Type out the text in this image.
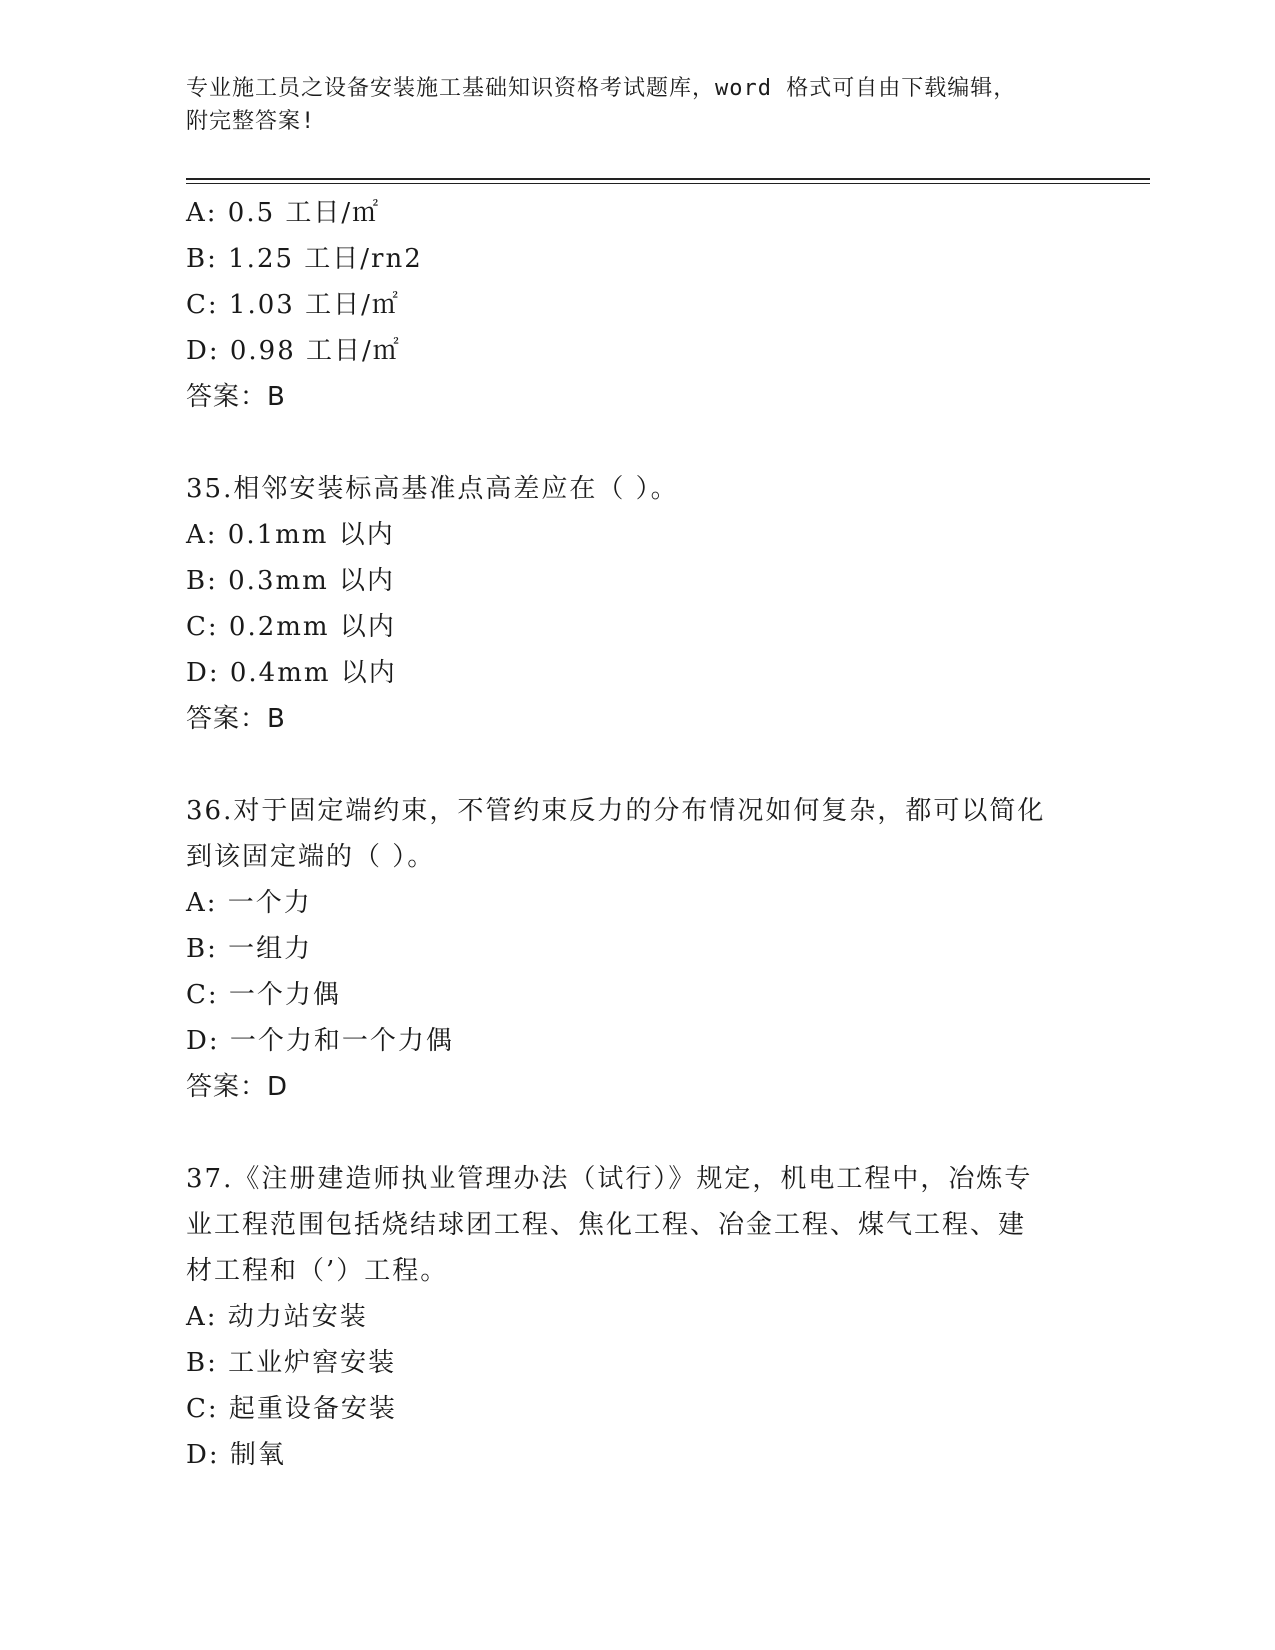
专业施工员之设备安装施工基础知识资格考试题库，word 格式可自由下载编辑，
附完整答案!
A: 0.5 工日/㎡
B: 1.25 工日/rn2
C: 1.03 工日/㎡
D: 0.98 工日/㎡
答案：B
35.相邻安装标高基准点高差应在（ ）。
A: 0.1mm 以内
B: 0.3mm 以内
C: 0.2mm 以内
D: 0.4mm 以内
答案：B
36.对于固定端约束，不管约束反力的分布情况如何复杂，都可以简化
到该固定端的（ ）。
A: 一个力
B: 一组力
C: 一个力偶
D: 一个力和一个力偶
答案：D
37.《注册建造师执业管理办法（试行）》规定，机电工程中，冶炼专
业工程范围包括烧结球团工程、焦化工程、冶金工程、煤气工程、建
材工程和（’）工程。
A: 动力站安装
B: 工业炉窖安装
C: 起重设备安装
D: 制氧
